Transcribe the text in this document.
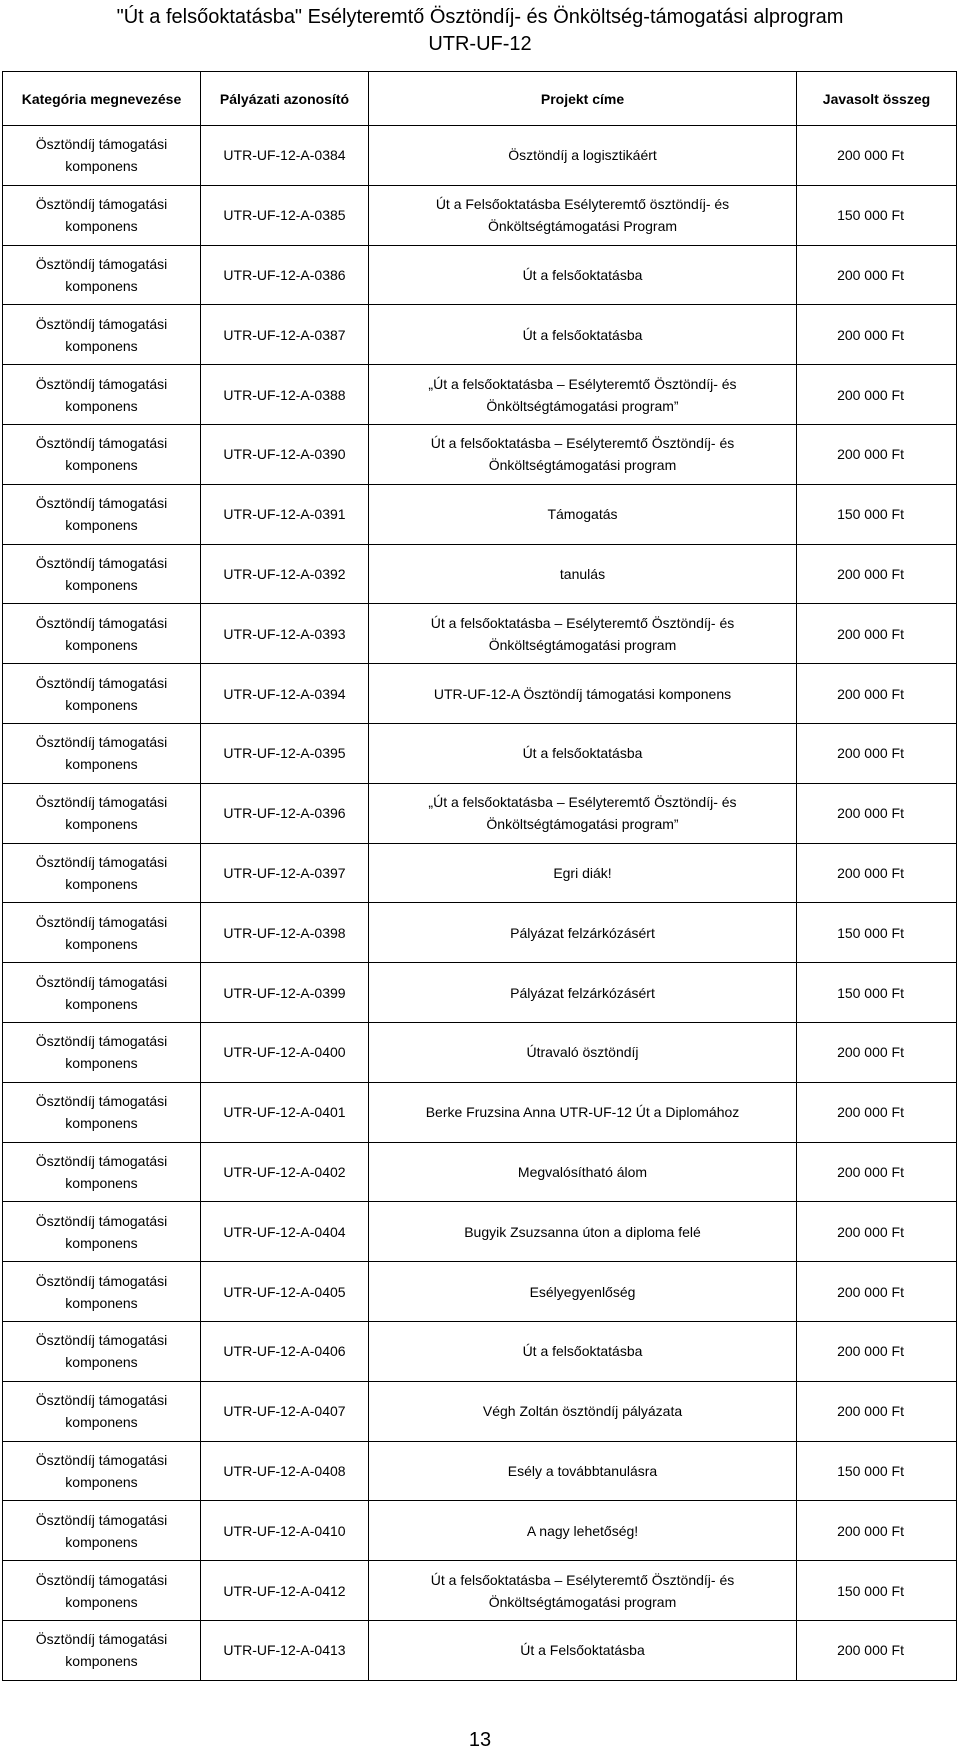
"Út a felsőoktatásba" Esélyteremtő Ösztöndíj- és Önköltség-támogatási alprogram
UTR-UF-12
Kategória megnevezése	Pályázati azonosító	Projekt címe	Javasolt összeg
Ösztöndíj támogatási komponens	UTR-UF-12-A-0384	Ösztöndíj a logisztikáért	200 000 Ft
Ösztöndíj támogatási komponens	UTR-UF-12-A-0385	Út a Felsőoktatásba Esélyteremtő ösztöndíj- és Önköltségtámogatási Program	150 000 Ft
Ösztöndíj támogatási komponens	UTR-UF-12-A-0386	Út a felsőoktatásba	200 000 Ft
Ösztöndíj támogatási komponens	UTR-UF-12-A-0387	Út a felsőoktatásba	200 000 Ft
Ösztöndíj támogatási komponens	UTR-UF-12-A-0388	„Út a felsőoktatásba – Esélyteremtő Ösztöndíj- és Önköltségtámogatási program”	200 000 Ft
Ösztöndíj támogatási komponens	UTR-UF-12-A-0390	Út a felsőoktatásba – Esélyteremtő Ösztöndíj- és Önköltségtámogatási program	200 000 Ft
Ösztöndíj támogatási komponens	UTR-UF-12-A-0391	Támogatás	150 000 Ft
Ösztöndíj támogatási komponens	UTR-UF-12-A-0392	tanulás	200 000 Ft
Ösztöndíj támogatási komponens	UTR-UF-12-A-0393	Út a felsőoktatásba – Esélyteremtő Ösztöndíj- és Önköltségtámogatási program	200 000 Ft
Ösztöndíj támogatási komponens	UTR-UF-12-A-0394	UTR-UF-12-A Ösztöndíj támogatási komponens	200 000 Ft
Ösztöndíj támogatási komponens	UTR-UF-12-A-0395	Út a felsőoktatásba	200 000 Ft
Ösztöndíj támogatási komponens	UTR-UF-12-A-0396	„Út a felsőoktatásba – Esélyteremtő Ösztöndíj- és Önköltségtámogatási program”	200 000 Ft
Ösztöndíj támogatási komponens	UTR-UF-12-A-0397	Egri diák!	200 000 Ft
Ösztöndíj támogatási komponens	UTR-UF-12-A-0398	Pályázat felzárkózásért	150 000 Ft
Ösztöndíj támogatási komponens	UTR-UF-12-A-0399	Pályázat felzárkózásért	150 000 Ft
Ösztöndíj támogatási komponens	UTR-UF-12-A-0400	Útravaló ösztöndíj	200 000 Ft
Ösztöndíj támogatási komponens	UTR-UF-12-A-0401	Berke Fruzsina Anna UTR-UF-12 Út a Diplomához	200 000 Ft
Ösztöndíj támogatási komponens	UTR-UF-12-A-0402	Megvalósítható álom	200 000 Ft
Ösztöndíj támogatási komponens	UTR-UF-12-A-0404	Bugyik Zsuzsanna úton a diploma felé	200 000 Ft
Ösztöndíj támogatási komponens	UTR-UF-12-A-0405	Esélyegyenlőség	200 000 Ft
Ösztöndíj támogatási komponens	UTR-UF-12-A-0406	Út a felsőoktatásba	200 000 Ft
Ösztöndíj támogatási komponens	UTR-UF-12-A-0407	Végh Zoltán ösztöndíj pályázata	200 000 Ft
Ösztöndíj támogatási komponens	UTR-UF-12-A-0408	Esély a továbbtanulásra	150 000 Ft
Ösztöndíj támogatási komponens	UTR-UF-12-A-0410	A nagy lehetőség!	200 000 Ft
Ösztöndíj támogatási komponens	UTR-UF-12-A-0412	Út a felsőoktatásba – Esélyteremtő Ösztöndíj- és Önköltségtámogatási program	150 000 Ft
Ösztöndíj támogatási komponens	UTR-UF-12-A-0413	Út a Felsőoktatásba	200 000 Ft
13
